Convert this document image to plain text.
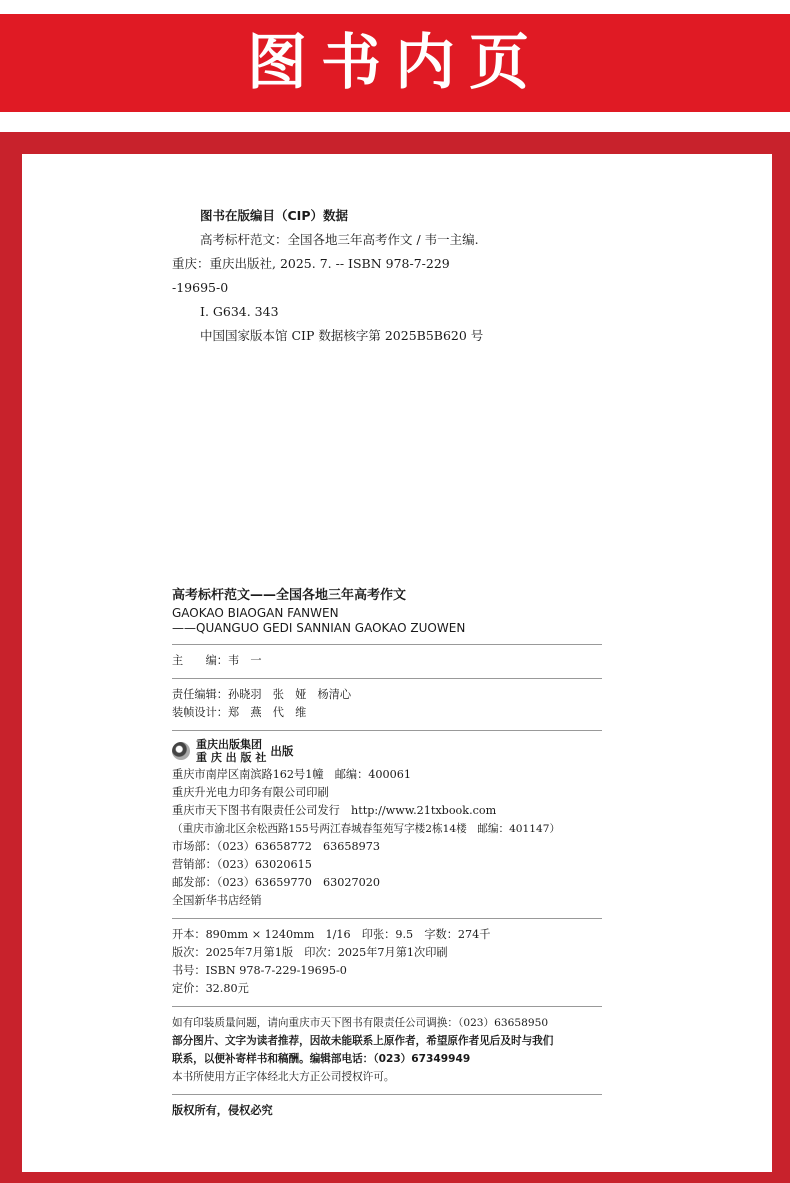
图书内页
图书在版编目（CIP）数据
高考标杆范文：全国各地三年高考作文 / 韦一主编.
重庆：重庆出版社, 2025. 7. -- ISBN 978-7-229
-19695-0
Ⅰ. G634. 343
中国国家版本馆 CIP 数据核字第 2025B5B620 号
高考标杆范文——全国各地三年高考作文
GAOKAO BIAOGAN FANWEN
——QUANGUO GEDI SANNIAN GAOKAO ZUOWEN
主　　编：韦　一
责任编辑：孙晓羽　张　娅　杨清心
装帧设计：郑　燕　代　维
重庆出版集团
重 庆 出 版 社 出版
重庆市南岸区南滨路162号1幢　邮编：400061
重庆升光电力印务有限公司印刷
重庆市天下图书有限责任公司发行　http://www.21txbook.com
（重庆市渝北区余松西路155号两江春城春玺苑写字楼2栋14楼　邮编：401147）
市场部：（023）63658772　63658973
营销部：（023）63020615
邮发部：（023）63659770　63027020
全国新华书店经销
开本：890mm × 1240mm　1/16　印张：9.5　字数：274千
版次：2025年7月第1版　印次：2025年7月第1次印刷
书号：ISBN 978-7-229-19695-0
定价：32.80元
如有印装质量问题，请向重庆市天下图书有限责任公司调换：（023）63658950
部分图片、文字为读者推荐，因故未能联系上原作者，希望原作者见后及时与我们
联系，以便补寄样书和稿酬。编辑部电话：（023）67349949
本书所使用方正字体经北大方正公司授权许可。
版权所有，侵权必究
